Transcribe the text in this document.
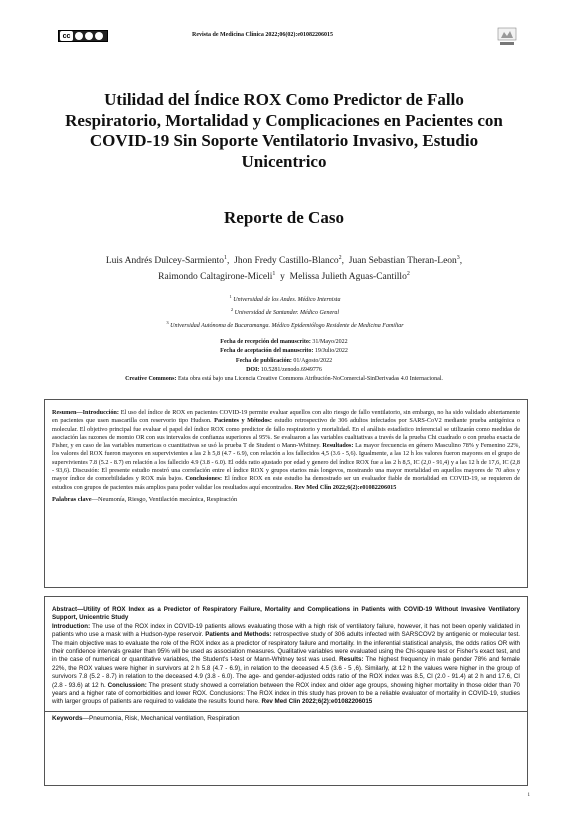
cc	Revista de Medicina Clínica 2022;06(02):e01082206015
Utilidad del Índice ROX Como Predictor de Fallo Respiratorio, Mortalidad y Complicaciones en Pacientes con COVID-19 Sin Soporte Ventilatorio Invasivo, Estudio Unicentrico
Reporte de Caso
Luis Andrés Dulcey-Sarmiento$^1$,  Jhon Fredy Castillo-Blanco$^2$,  Juan Sebastian Theran-Leon$^3$,
Raimondo Caltagirone-Miceli$^1$  y  Melissa Julieth Aguas-Cantillo$^2$
$^1$ Universidad de los Andes. Médico Internista
$^2$ Universidad de Santander. Médico General
$^3$ Universidad Autónoma de Bucaramanga. Médico Epidemiólogo Residente de Medicina Familiar
Fecha de recepción del manuscrito: 31/Mayo/2022
Fecha de aceptación del manuscrito: 19/Julio/2022
Fecha de publicación: 01/Agosto/2022
DOI: 10.5281/zenodo.6949776
Creative Commons: Esta obra está bajo una Licencia Creative Commons Atribución-NoComercial-SinDerivadas 4.0 Internacional.
Resumen—Introducción: El uso del índice de ROX en pacientes COVID-19 permite evaluar aquellos con alto riesgo de fallo ventilatorio, sin embargo, no ha sido validado abiertamente en pacientes que usen mascarilla con reservorio tipo Hudson. Pacientes y Métodos: estudio retrospectivo de 306 adultos infectados por SARS-CoV2 mediante prueba antigénica o molecular. El objetivo principal fue evaluar el papel del índice ROX como predictor de fallo respiratorio y mortalidad. En el análisis estadístico inferencial se utilizarán como medidas de asociación las razones de momio OR con sus intervalos de confianza superiores al 95%. Se evaluaron a las variables cualitativas a través de la prueba Chi cuadrado o con prueba exacta de Fisher, y en caso de las variables numericas o cuantitativas se usó la prueba T de Student o Mann-Whitney. Resultados: La mayor frecuencia en género Masculino 78% y Femenino 22%, los valores del ROX fueron mayores en supervivientes a las 2 h 5,8 (4.7 - 6.9), con relación a los fallecidos 4,5 (3.6 - 5,6). Igualmente, a las 12 h los valores fueron mayores en el grupo de supervivientes 7.8 (5.2 - 8.7) en relación a los fallecido 4.9 (3.8 - 6.0). El odds ratio ajustado por edad y genero del índice ROX fue a las 2 h 8,5, IC (2,0 - 91,4) y a las 12 h de 17,6, IC (2,8 - 93,6). Discusión: El presente estudio mostró una correlación entre el índice ROX y grupos etarios más longevos, mostrando una mayor mortalidad en aquellos mayores de 70 años y mayor índice de comorbilidades y ROX más bajos. Conclusiones: El índice ROX en este estudio ha demostrado ser un evaluador fiable de mortalidad en COVID-19, se requieren de estudios con grupos de pacientes más amplios para poder validar los resultados aquí encontrados. Rev Med Clin 2022;6(2):e01082206015
Palabras clave—Neumonía, Riesgo, Ventilación mecánica, Respiración
Abstract—Utility of ROX Index as a Predictor of Respiratory Failure, Mortality and Complications in Patients with COVID-19 Without Invasive Ventilatory Support, Unicentric Study
Introduction: The use of the ROX index in COVID-19 patients allows evaluating those with a high risk of ventilatory failure, however, it has not been openly validated in patients who use a mask with a Hudson-type reservoir. Patients and Methods: retrospective study of 306 adults infected with SARSCOV2 by antigenic or molecular test. The main objective was to evaluate the role of the ROX index as a predictor of respiratory failure and mortality. In the inferential statistical analysis, the odds ratios OR with their confidence intervals greater than 95% will be used as association measures. Qualitative variables were evaluated using the Chi-square test or Fisher's exact test, and in the case of numerical or quantitative variables, the Student's t-test or Mann-Whitney test was used. Results: The highest frequency in male gender 78% and female 22%, the ROX values were higher in survivors at 2 h 5.8 (4.7 - 6.9), in relation to the deceased 4.5 (3.6 - 5 ,6). Similarly, at 12 h the values were higher in the group of survivors 7.8 (5.2 - 8.7) in relation to the deceased 4.9 (3.8 - 6.0). The age- and gender-adjusted odds ratio of the ROX index was 8.5, CI (2.0 - 91.4) at 2 h and 17.6, CI (2.8 - 93.6) at 12 h. Conclussion: The present study showed a correlation between the ROX index and older age groups, showing higher mortality in those older than 70 years and a higher rate of comorbidities and lower ROX. Conclusions: The ROX index in this study has proven to be a reliable evaluator of mortality in COVID-19, studies with larger groups of patients are required to validate the results found here. Rev Med Clin 2022;6(2):e01082206015
Keywords—Pneumonia, Risk, Mechanical ventilation, Respiration
1
